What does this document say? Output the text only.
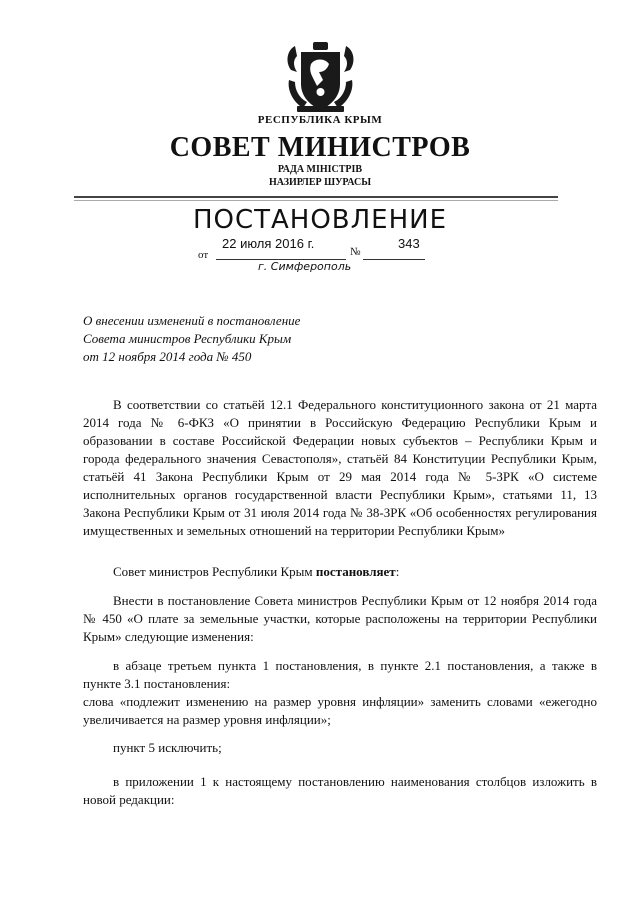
РЕСПУБЛИКА КРЫМ
СОВЕТ МИНИСТРОВ
РАДА МІНІСТРІВ
НАЗИРЛЕР ШУРАСЫ
ПОСТАНОВЛЕНИЕ
22 июля 2016 г.	343
от	№
г. Симферополь
О внесении изменений в постановление
Совета министров Республики Крым
от 12 ноября 2014 года № 450
В соответствии со статьёй 12.1 Федерального конституционного закона от 21 марта 2014 года № 6-ФКЗ «О принятии в Российскую Федерацию Республики Крым и образовании в составе Российской Федерации новых субъектов – Республики Крым и города федерального значения Севастополя», статьёй 84 Конституции Республики Крым, статьёй 41 Закона Республики Крым от 29 мая 2014 года № 5-ЗРК «О системе исполнительных органов государственной власти Республики Крым», статьями 11, 13 Закона Республики Крым от 31 июля 2014 года № 38-ЗРК «Об особенностях регулирования имущественных и земельных отношений на территории Республики Крым»
Совет министров Республики Крым постановляет:
Внести в постановление Совета министров Республики Крым от 12 ноября 2014 года № 450 «О плате за земельные участки, которые расположены на территории Республики Крым» следующие изменения:
в абзаце третьем пункта 1 постановления, в пункте 2.1 постановления, а также в пункте 3.1 постановления:
слова «подлежит изменению на размер уровня инфляции» заменить словами «ежегодно увеличивается на размер уровня инфляции»;
пункт 5 исключить;
в приложении 1 к настоящему постановлению наименования столбцов изложить в новой редакции:
